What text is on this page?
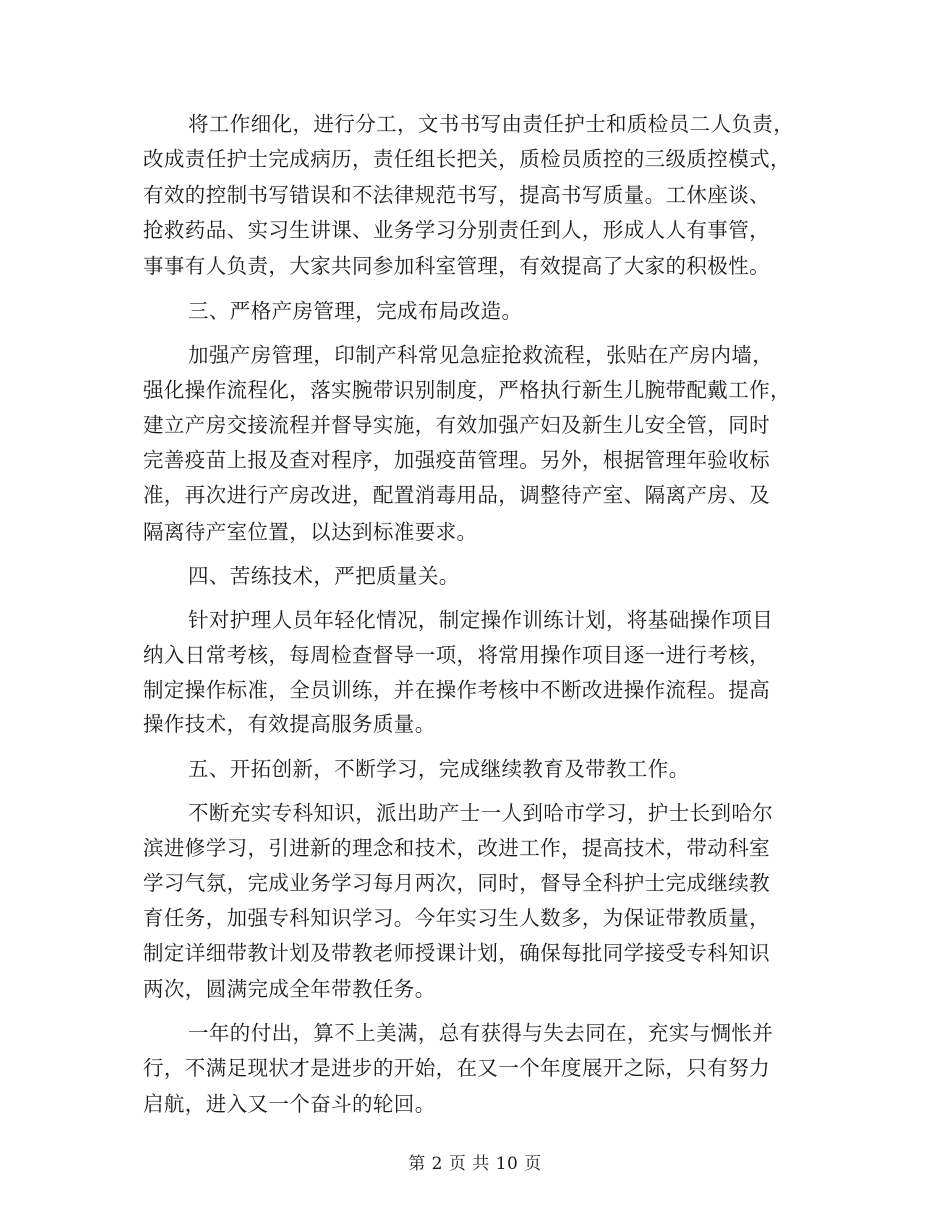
将工作细化，进行分工，文书书写由责任护士和质检员二人负责，
改成责任护士完成病历，责任组长把关，质检员质控的三级质控模式，
有效的控制书写错误和不法律规范书写，提高书写质量。工休座谈、
抢救药品、实习生讲课、业务学习分别责任到人，形成人人有事管，
事事有人负责，大家共同参加科室管理，有效提高了大家的积极性。
三、严格产房管理，完成布局改造。
加强产房管理，印制产科常见急症抢救流程，张贴在产房内墙，
强化操作流程化，落实腕带识别制度，严格执行新生儿腕带配戴工作，
建立产房交接流程并督导实施，有效加强产妇及新生儿安全管，同时
完善疫苗上报及查对程序，加强疫苗管理。另外，根据管理年验收标
准，再次进行产房改进，配置消毒用品，调整待产室、隔离产房、及
隔离待产室位置，以达到标准要求。
四、苦练技术，严把质量关。
针对护理人员年轻化情况，制定操作训练计划，将基础操作项目
纳入日常考核，每周检查督导一项，将常用操作项目逐一进行考核，
制定操作标准，全员训练，并在操作考核中不断改进操作流程。提高
操作技术，有效提高服务质量。
五、开拓创新，不断学习，完成继续教育及带教工作。
不断充实专科知识，派出助产士一人到哈市学习，护士长到哈尔
滨进修学习，引进新的理念和技术，改进工作，提高技术，带动科室
学习气氛，完成业务学习每月两次，同时，督导全科护士完成继续教
育任务，加强专科知识学习。今年实习生人数多，为保证带教质量，
制定详细带教计划及带教老师授课计划，确保每批同学接受专科知识
两次，圆满完成全年带教任务。
一年的付出，算不上美满，总有获得与失去同在，充实与惆怅并
行，不满足现状才是进步的开始，在又一个年度展开之际，只有努力
启航，进入又一个奋斗的轮回。
第 2 页 共 10 页
